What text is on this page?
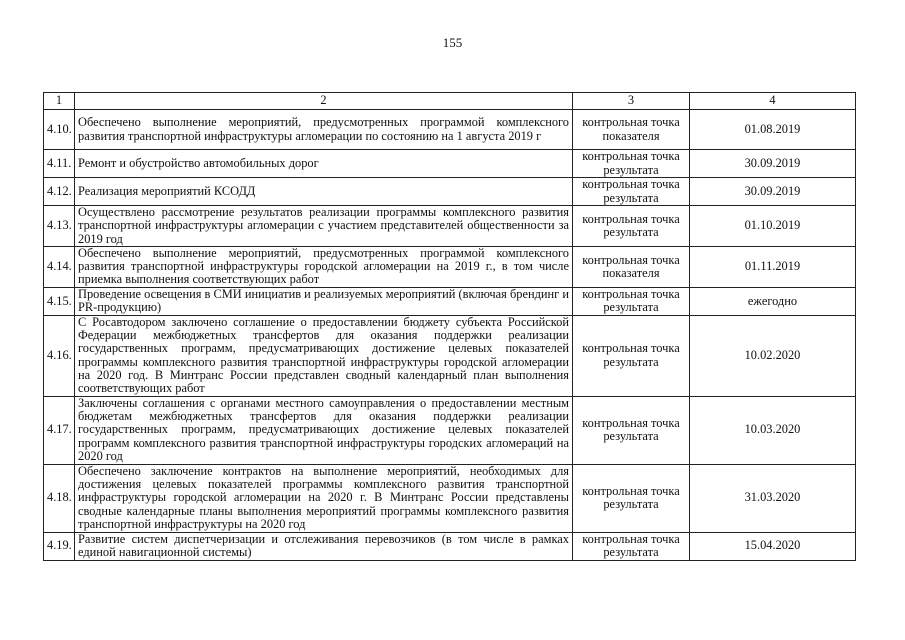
155
1	2	3	4
4.10.	Обеспечено выполнение мероприятий, предусмотренных программой комплексного развития транспортной инфраструктуры агломерации по состоянию на 1 августа 2019 г	контрольная точка показателя	01.08.2019
4.11.	Ремонт и обустройство автомобильных дорог	контрольная точка результата	30.09.2019
4.12.	Реализация мероприятий КСОДД	контрольная точка результата	30.09.2019
4.13.	Осуществлено рассмотрение результатов реализации программы комплексного развития транспортной инфраструктуры агломерации с участием представителей общественности за 2019 год	контрольная точка результата	01.10.2019
4.14.	Обеспечено выполнение мероприятий, предусмотренных программой комплексного развития транспортной инфраструктуры городской агломерации на 2019 г., в том числе приемка выполнения соответствующих работ	контрольная точка показателя	01.11.2019
4.15.	Проведение освещения в СМИ инициатив и реализуемых мероприятий (включая брендинг и PR-продукцию)	контрольная точка результата	ежегодно
4.16.	С Росавтодором заключено соглашение о предоставлении бюджету субъекта Российской Федерации межбюджетных трансфертов для оказания поддержки реализации государственных программ, предусматривающих достижение целевых показателей программы комплексного развития транспортной инфраструктуры городской агломерации на 2020 год. В Минтранс России представлен сводный календарный план выполнения соответствующих работ	контрольная точка результата	10.02.2020
4.17.	Заключены соглашения с органами местного самоуправления о предоставлении местным бюджетам межбюджетных трансфертов для оказания поддержки реализации государственных программ, предусматривающих достижение целевых показателей программ комплексного развития транспортной инфраструктуры городских агломераций на 2020 год	контрольная точка результата	10.03.2020
4.18.	Обеспечено заключение контрактов на выполнение мероприятий, необходимых для достижения целевых показателей программы комплексного развития транспортной инфраструктуры городской агломерации на 2020 г. В Минтранс России представлены сводные календарные планы выполнения мероприятий программы комплексного развития транспортной инфраструктуры на 2020 год	контрольная точка результата	31.03.2020
4.19.	Развитие систем диспетчеризации и отслеживания перевозчиков (в том числе в рамках единой навигационной системы)	контрольная точка результата	15.04.2020
